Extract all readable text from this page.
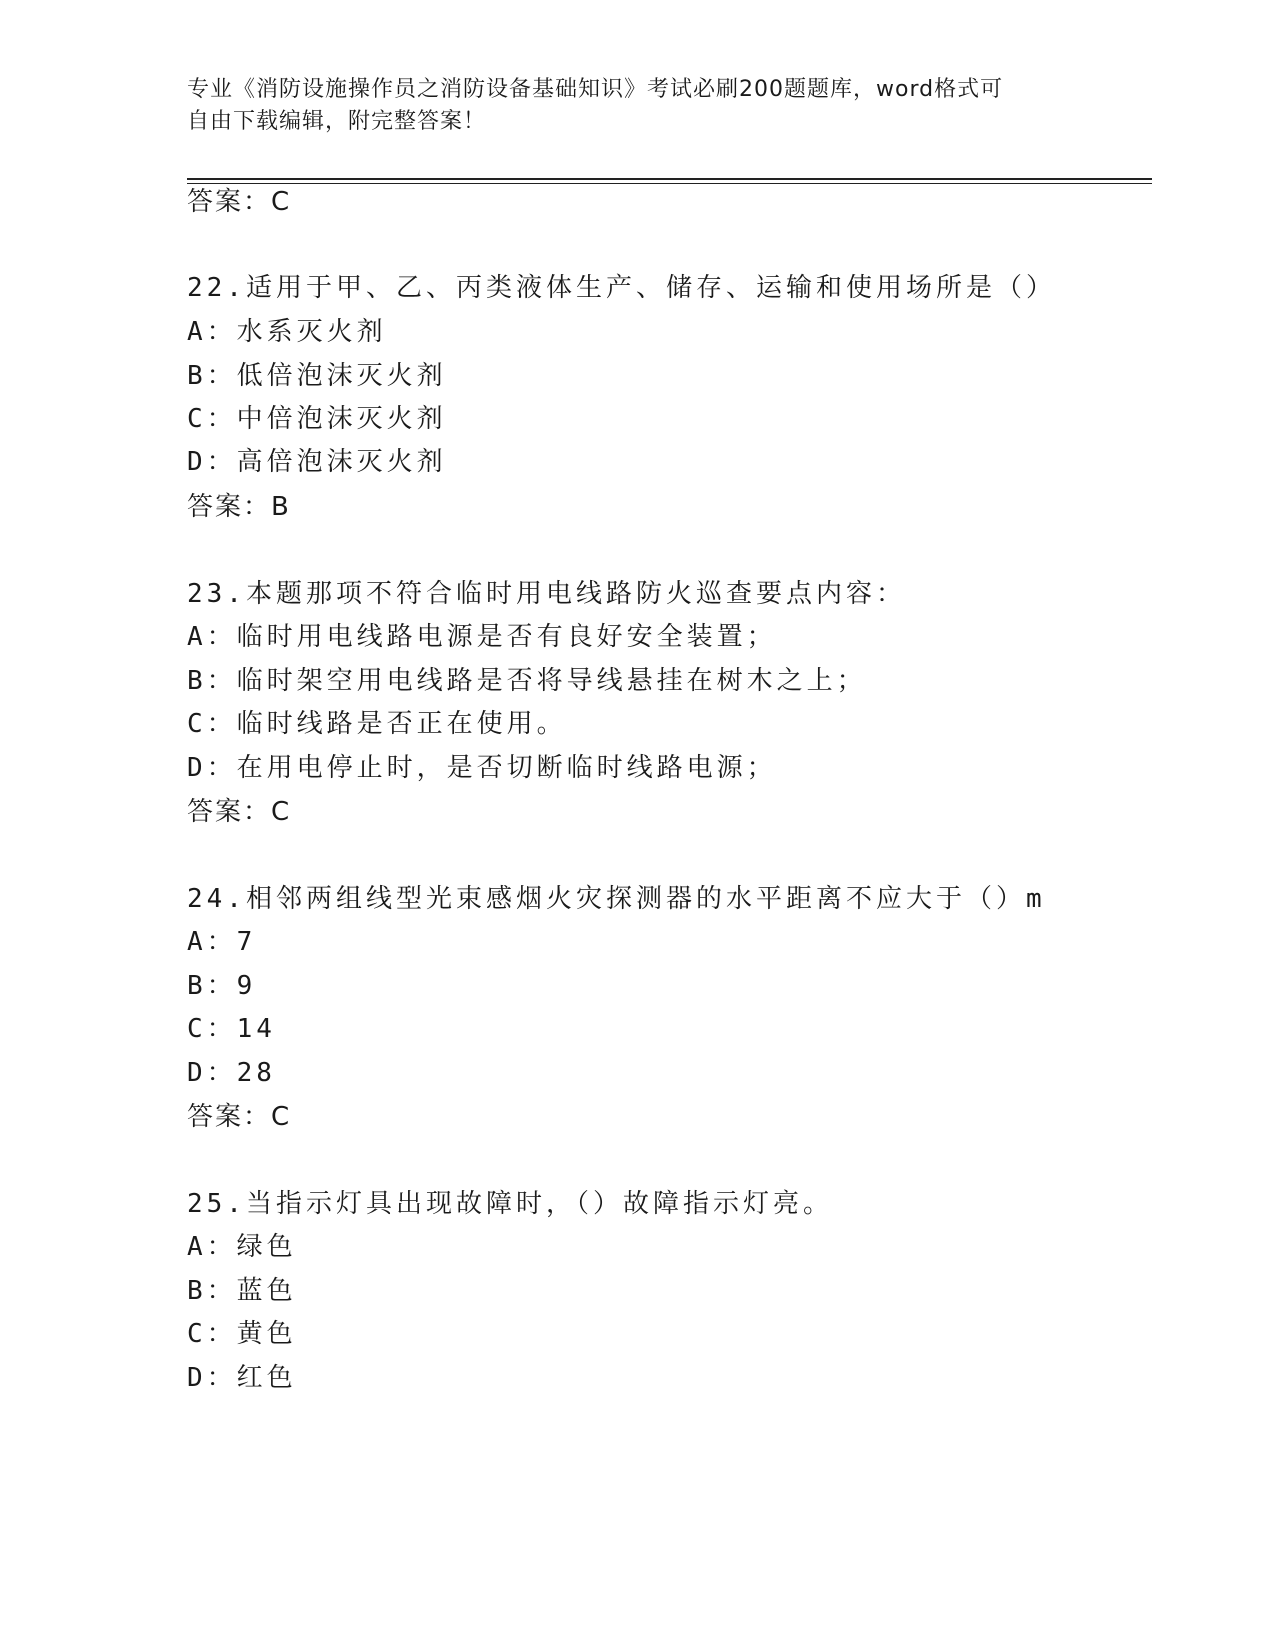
专业《消防设施操作员之消防设备基础知识》考试必刷200题题库，word格式可
自由下载编辑，附完整答案！
答案：C
22.适用于甲、乙、丙类液体生产、储存、运输和使用场所是（）
A：水系灭火剂
B：低倍泡沫灭火剂
C：中倍泡沫灭火剂
D：高倍泡沫灭火剂
答案：B
23.本题那项不符合临时用电线路防火巡查要点内容：
A：临时用电线路电源是否有良好安全装置；
B：临时架空用电线路是否将导线悬挂在树木之上；
C：临时线路是否正在使用。
D：在用电停止时，是否切断临时线路电源；
答案：C
24.相邻两组线型光束感烟火灾探测器的水平距离不应大于（）m
A：7
B：9
C：14
D：28
答案：C
25.当指示灯具出现故障时，（）故障指示灯亮。
A：绿色
B：蓝色
C：黄色
D：红色
